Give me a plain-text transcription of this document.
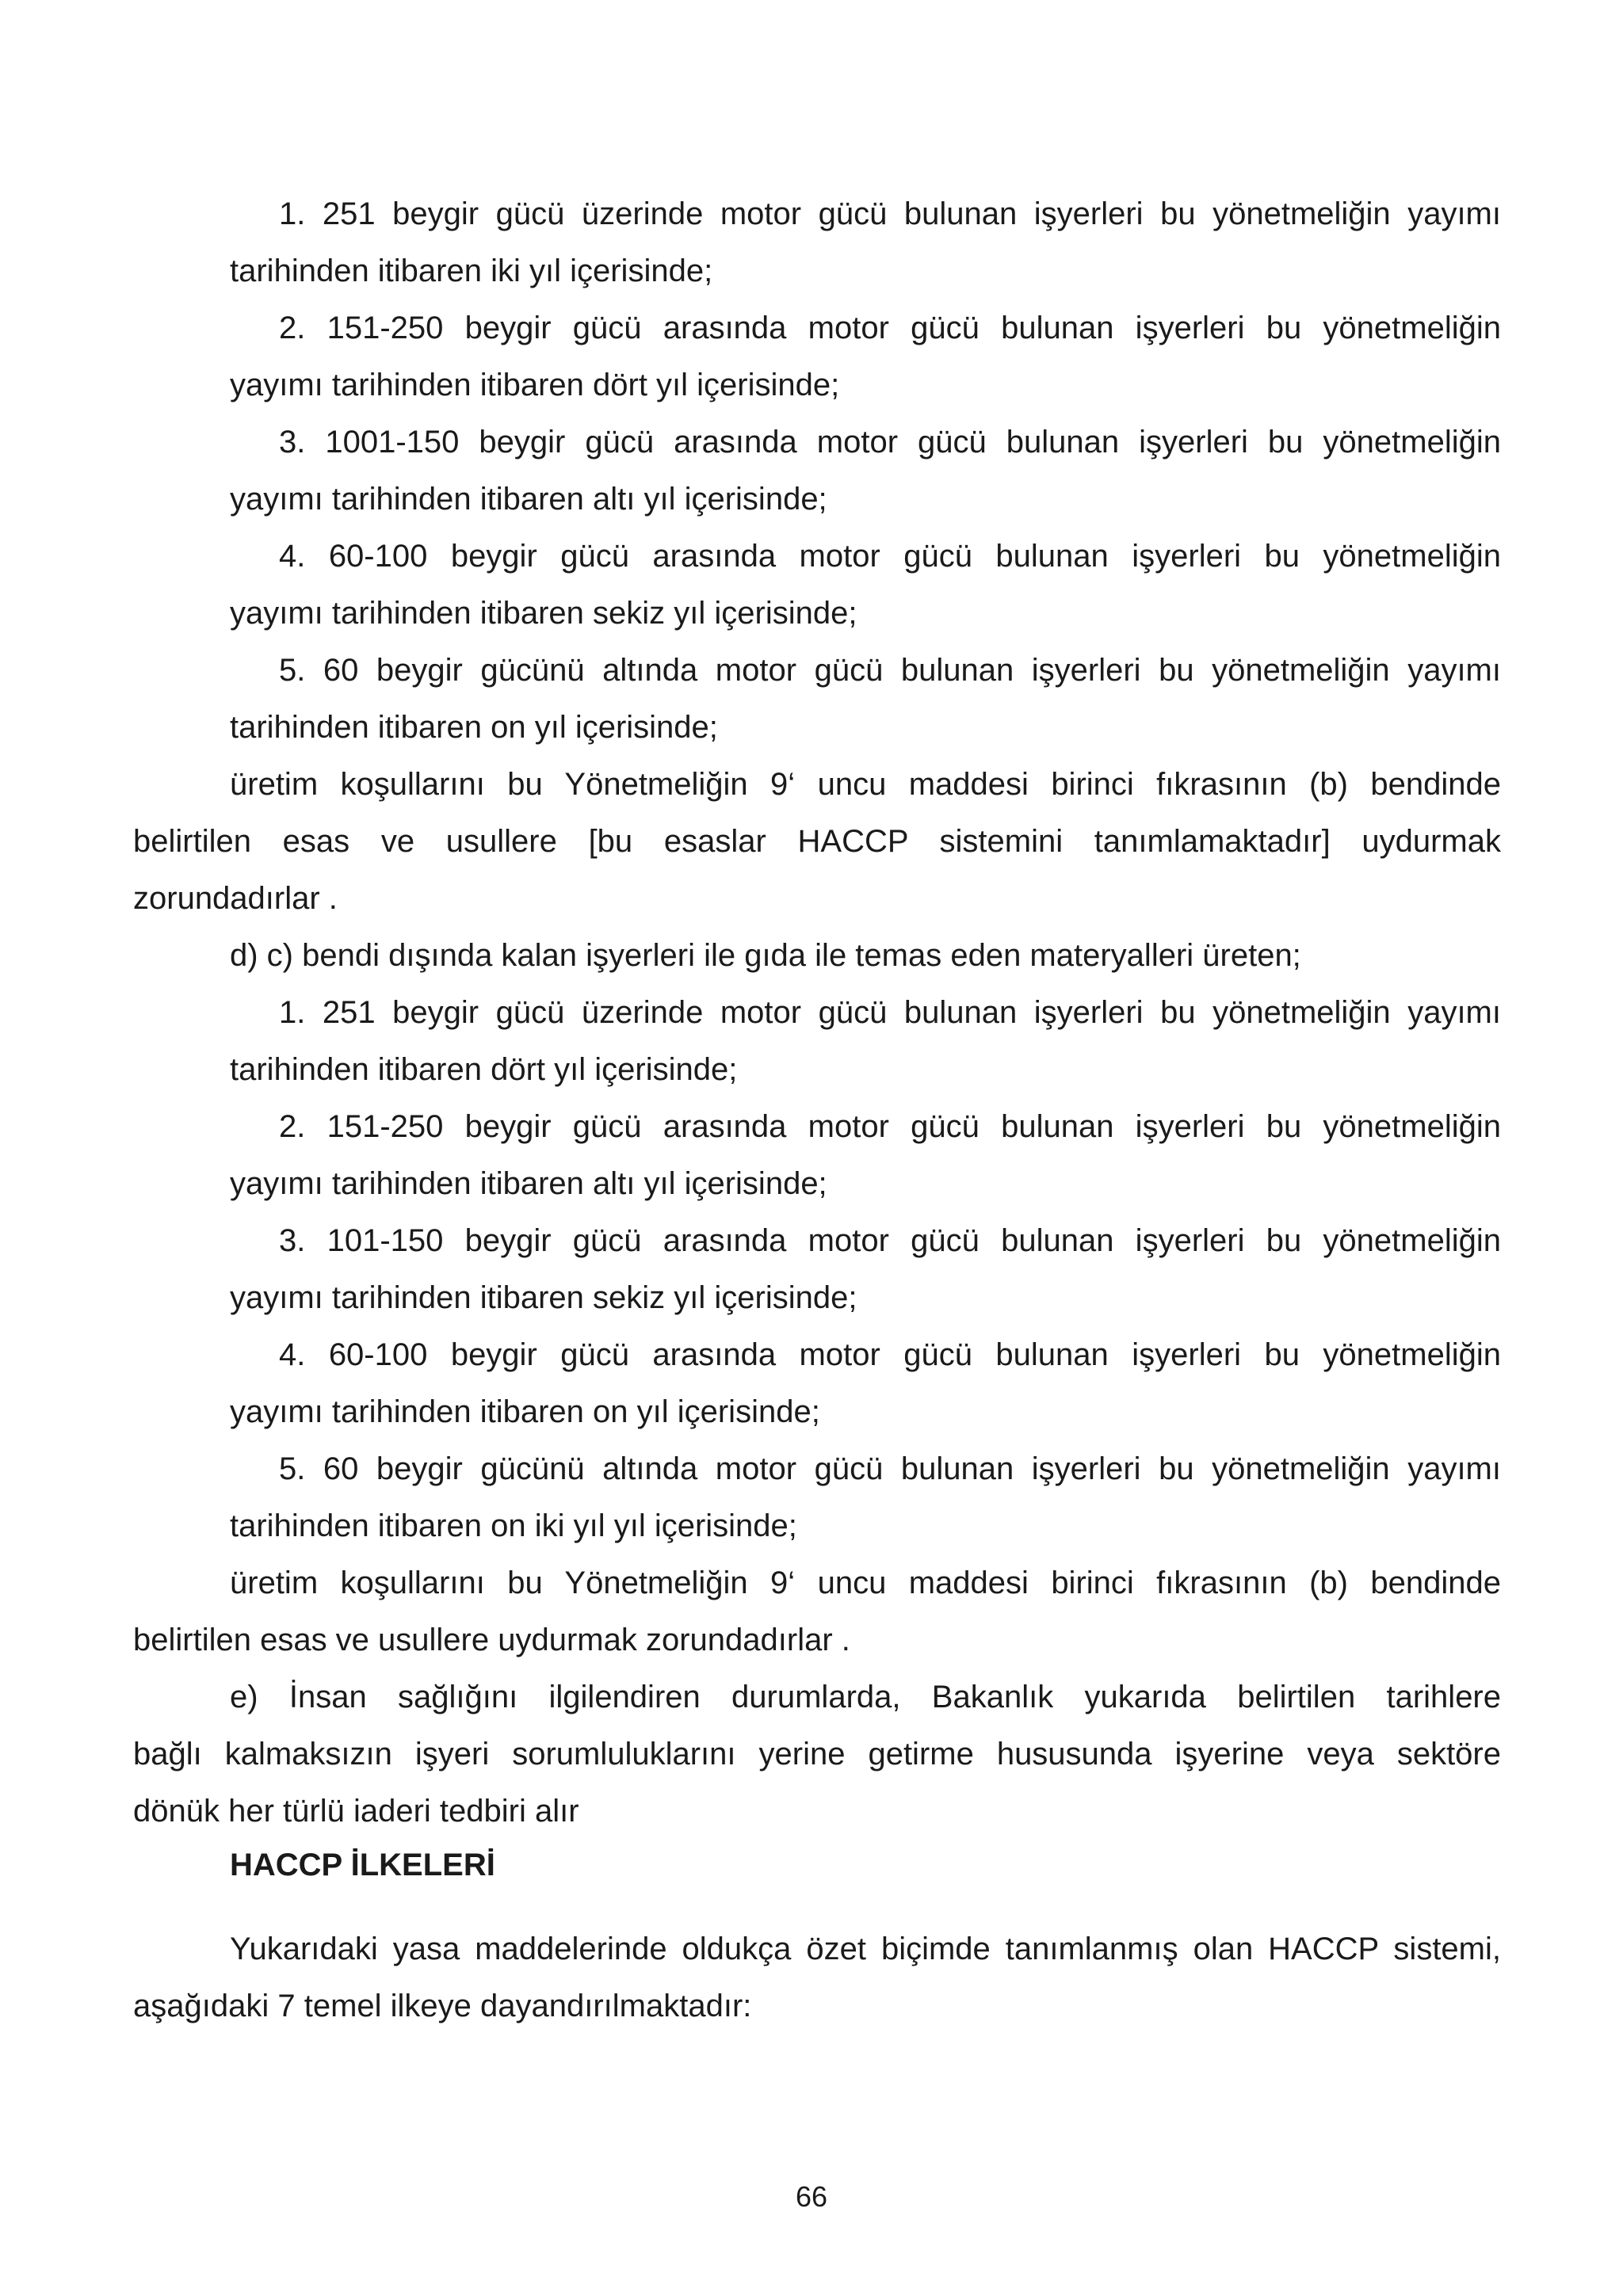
1. 251 beygir gücü üzerinde motor gücü bulunan işyerleri bu yönetmeliğin yayımı
tarihinden itibaren iki yıl içerisinde;
2. 151-250 beygir gücü arasında motor gücü bulunan işyerleri bu yönetmeliğin
yayımı tarihinden itibaren dört yıl içerisinde;
3. 1001-150 beygir gücü arasında motor gücü bulunan işyerleri bu yönetmeliğin
yayımı tarihinden itibaren altı yıl içerisinde;
4. 60-100 beygir gücü arasında motor gücü bulunan işyerleri bu yönetmeliğin
yayımı tarihinden itibaren sekiz yıl içerisinde;
5. 60 beygir gücünü altında motor gücü bulunan işyerleri bu yönetmeliğin yayımı
tarihinden itibaren on yıl içerisinde;
üretim koşullarını bu Yönetmeliğin 9‘ uncu maddesi birinci fıkrasının (b) bendinde
belirtilen esas ve usullere [bu esaslar HACCP sistemini tanımlamaktadır] uydurmak
zorundadırlar .
d) c) bendi dışında kalan işyerleri ile gıda ile temas eden materyalleri üreten;
1. 251 beygir gücü üzerinde motor gücü bulunan işyerleri bu yönetmeliğin yayımı
tarihinden itibaren dört yıl içerisinde;
2. 151-250 beygir gücü arasında motor gücü bulunan işyerleri bu yönetmeliğin
yayımı tarihinden itibaren altı yıl içerisinde;
3. 101-150 beygir gücü arasında motor gücü bulunan işyerleri bu yönetmeliğin
yayımı tarihinden itibaren sekiz yıl içerisinde;
4. 60-100 beygir gücü arasında motor gücü bulunan işyerleri bu yönetmeliğin
yayımı tarihinden itibaren on yıl içerisinde;
5. 60 beygir gücünü altında motor gücü bulunan işyerleri bu yönetmeliğin yayımı
tarihinden itibaren on iki yıl yıl içerisinde;
üretim koşullarını bu Yönetmeliğin 9‘ uncu maddesi birinci fıkrasının (b) bendinde
belirtilen esas ve usullere uydurmak zorundadırlar .
e) İnsan sağlığını ilgilendiren durumlarda, Bakanlık yukarıda belirtilen tarihlere
bağlı kalmaksızın işyeri sorumluluklarını yerine getirme hususunda işyerine veya sektöre
dönük her türlü iaderi tedbiri alır
HACCP İLKELERİ
Yukarıdaki yasa maddelerinde oldukça özet biçimde tanımlanmış olan HACCP sistemi,
aşağıdaki 7 temel ilkeye dayandırılmaktadır:
66
